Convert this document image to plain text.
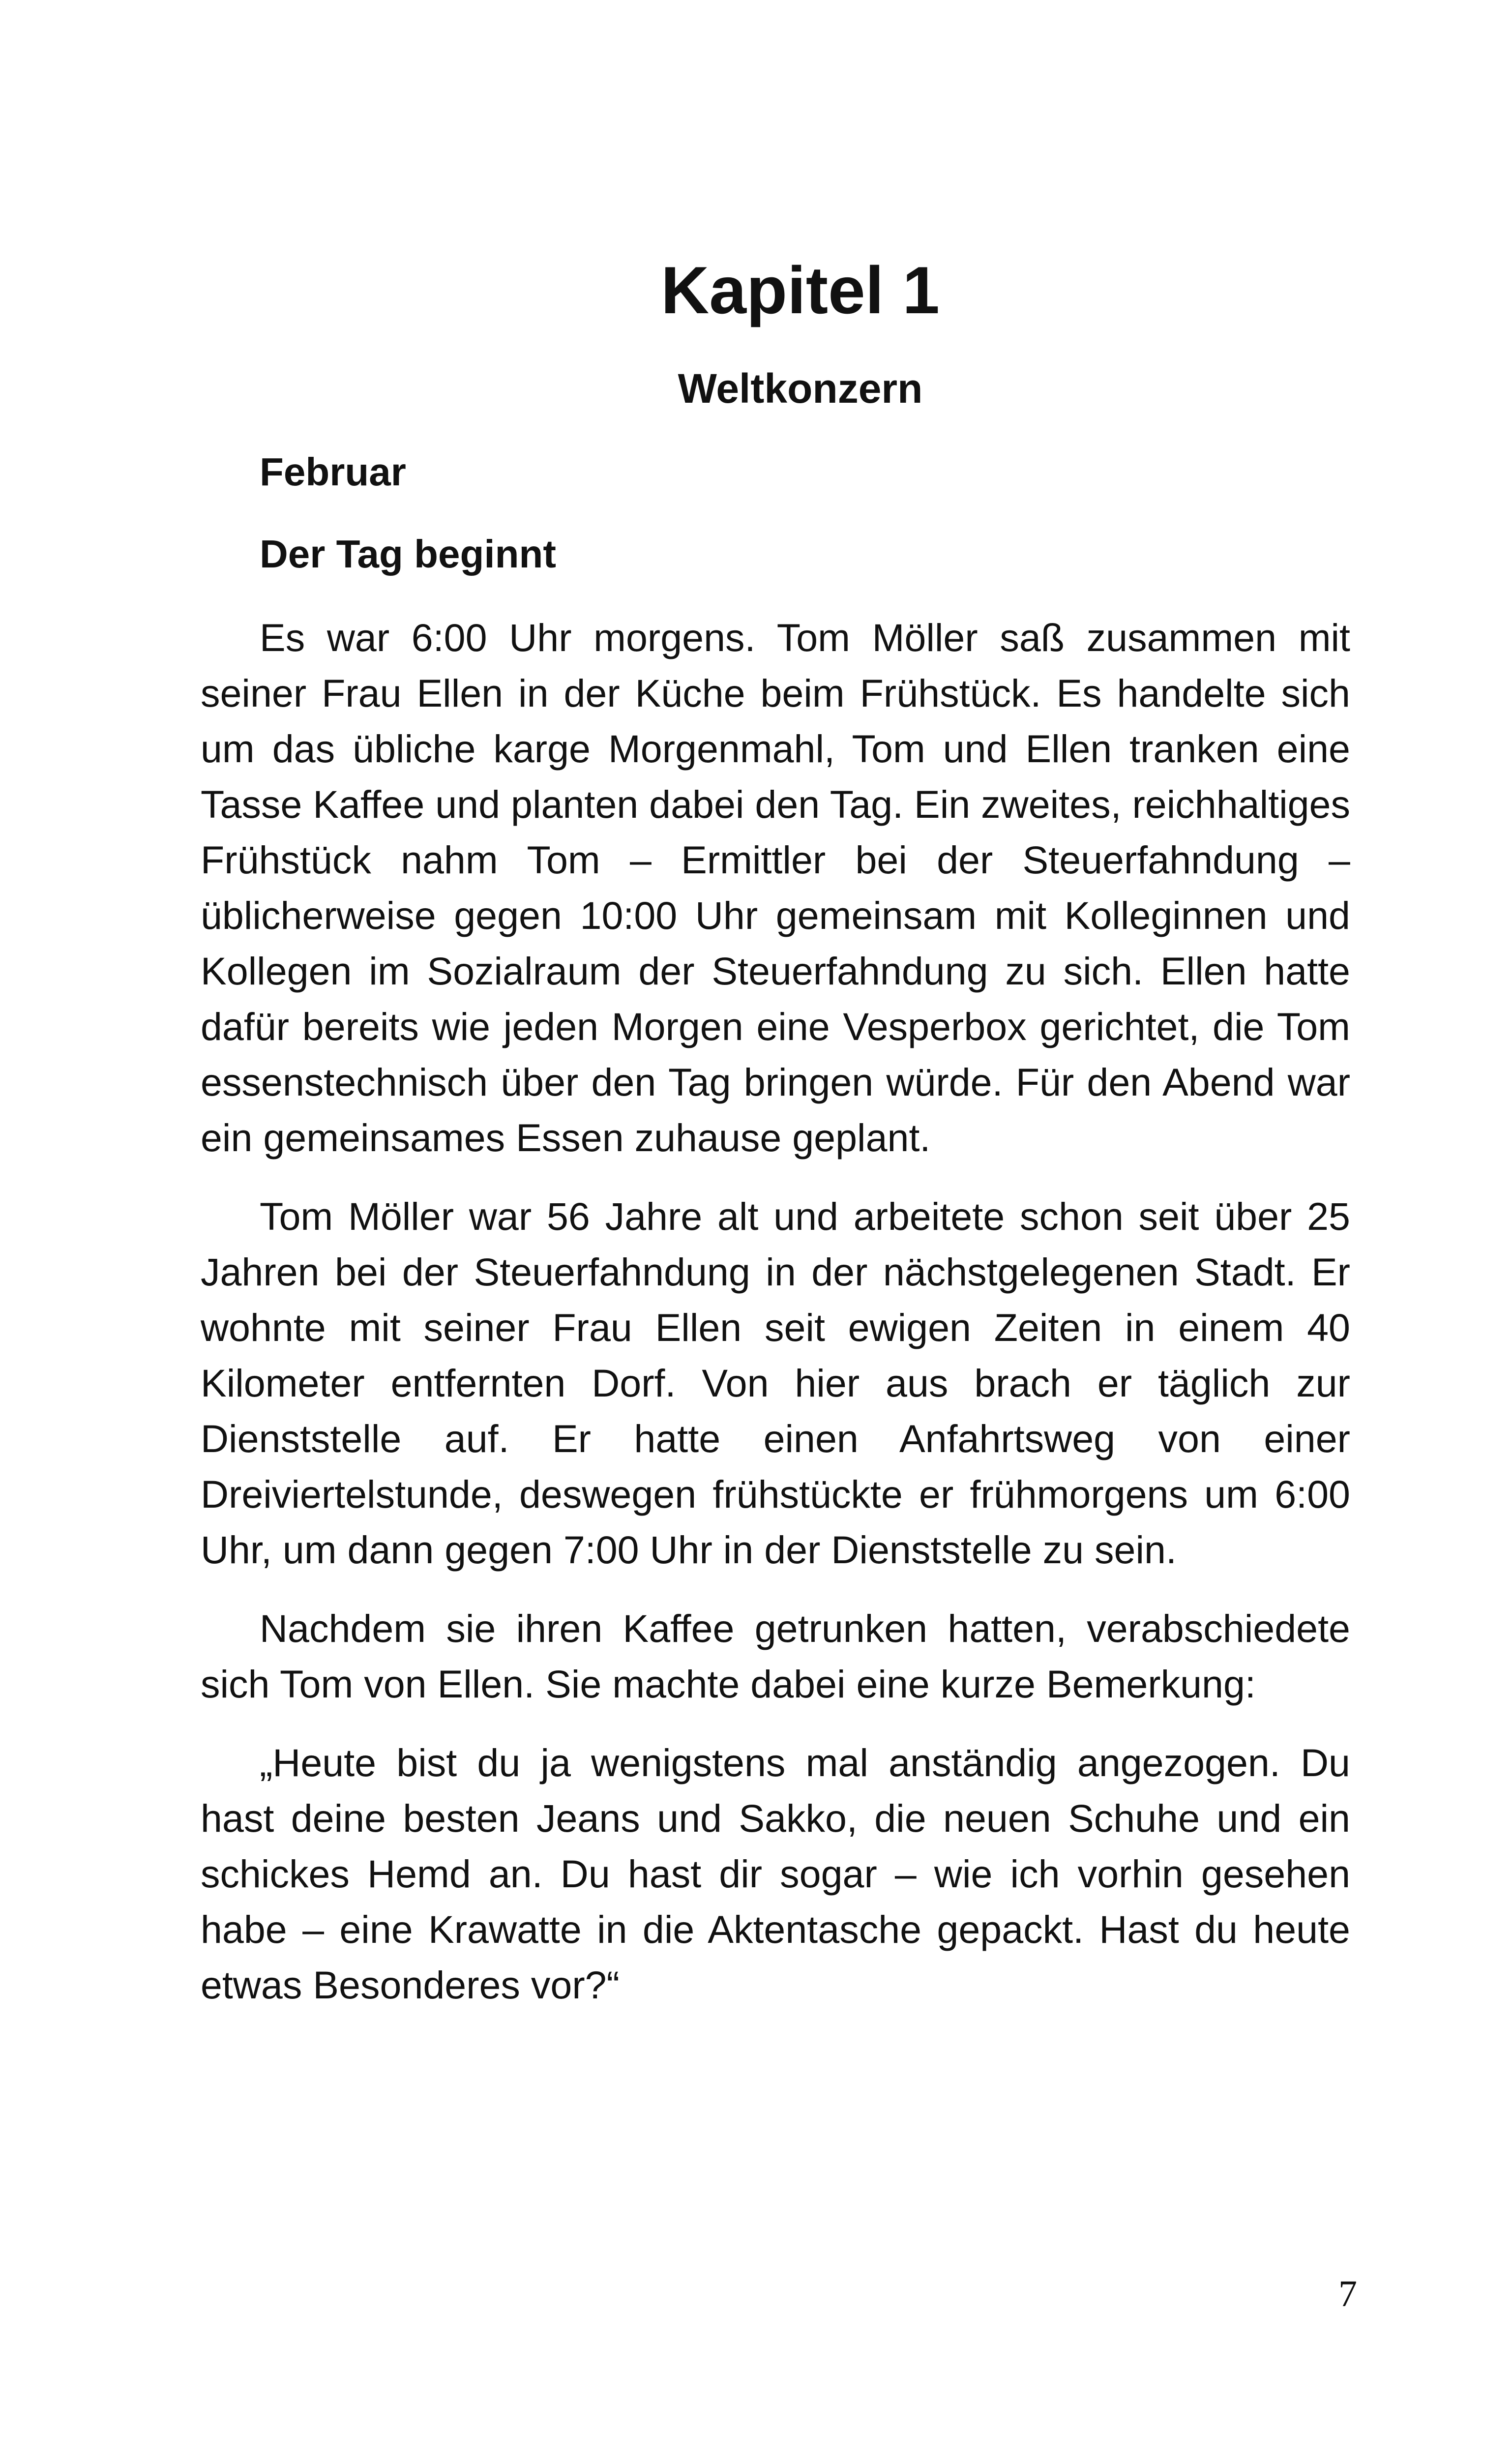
Kapitel 1
Weltkonzern
Februar
Der Tag beginnt

Es war 6:00 Uhr morgens. Tom Möller saß zusammen mit seiner Frau Ellen in der Küche beim Frühstück. Es handelte sich um das übliche karge Morgenmahl, Tom und Ellen tranken eine Tasse Kaffee und planten dabei den Tag. Ein zweites, reichhaltiges Frühstück nahm Tom – Ermittler bei der Steuerfahndung – üblicherweise gegen 10:00 Uhr gemeinsam mit Kolleginnen und Kollegen im Sozialraum der Steuerfahndung zu sich. Ellen hatte dafür bereits wie jeden Morgen eine Vesperbox gerichtet, die Tom essenstechnisch über den Tag bringen würde. Für den Abend war ein gemeinsames Essen zuhause geplant.

Tom Möller war 56 Jahre alt und arbeitete schon seit über 25 Jahren bei der Steuerfahndung in der nächstgelegenen Stadt. Er wohnte mit seiner Frau Ellen seit ewigen Zeiten in einem 40 Kilometer entfernten Dorf. Von hier aus brach er täglich zur Dienststelle auf. Er hatte einen Anfahrtsweg von einer Dreiviertelstunde, deswegen frühstückte er frühmorgens um 6:00 Uhr, um dann gegen 7:00 Uhr in der Dienststelle zu sein.

Nachdem sie ihren Kaffee getrunken hatten, verabschiedete sich Tom von Ellen. Sie machte dabei eine kurze Bemerkung:

„Heute bist du ja wenigstens mal anständig angezogen. Du hast deine besten Jeans und Sakko, die neuen Schuhe und ein schickes Hemd an. Du hast dir sogar – wie ich vorhin gesehen habe – eine Krawatte in die Aktentasche gepackt. Hast du heute etwas Besonderes vor?“

7
